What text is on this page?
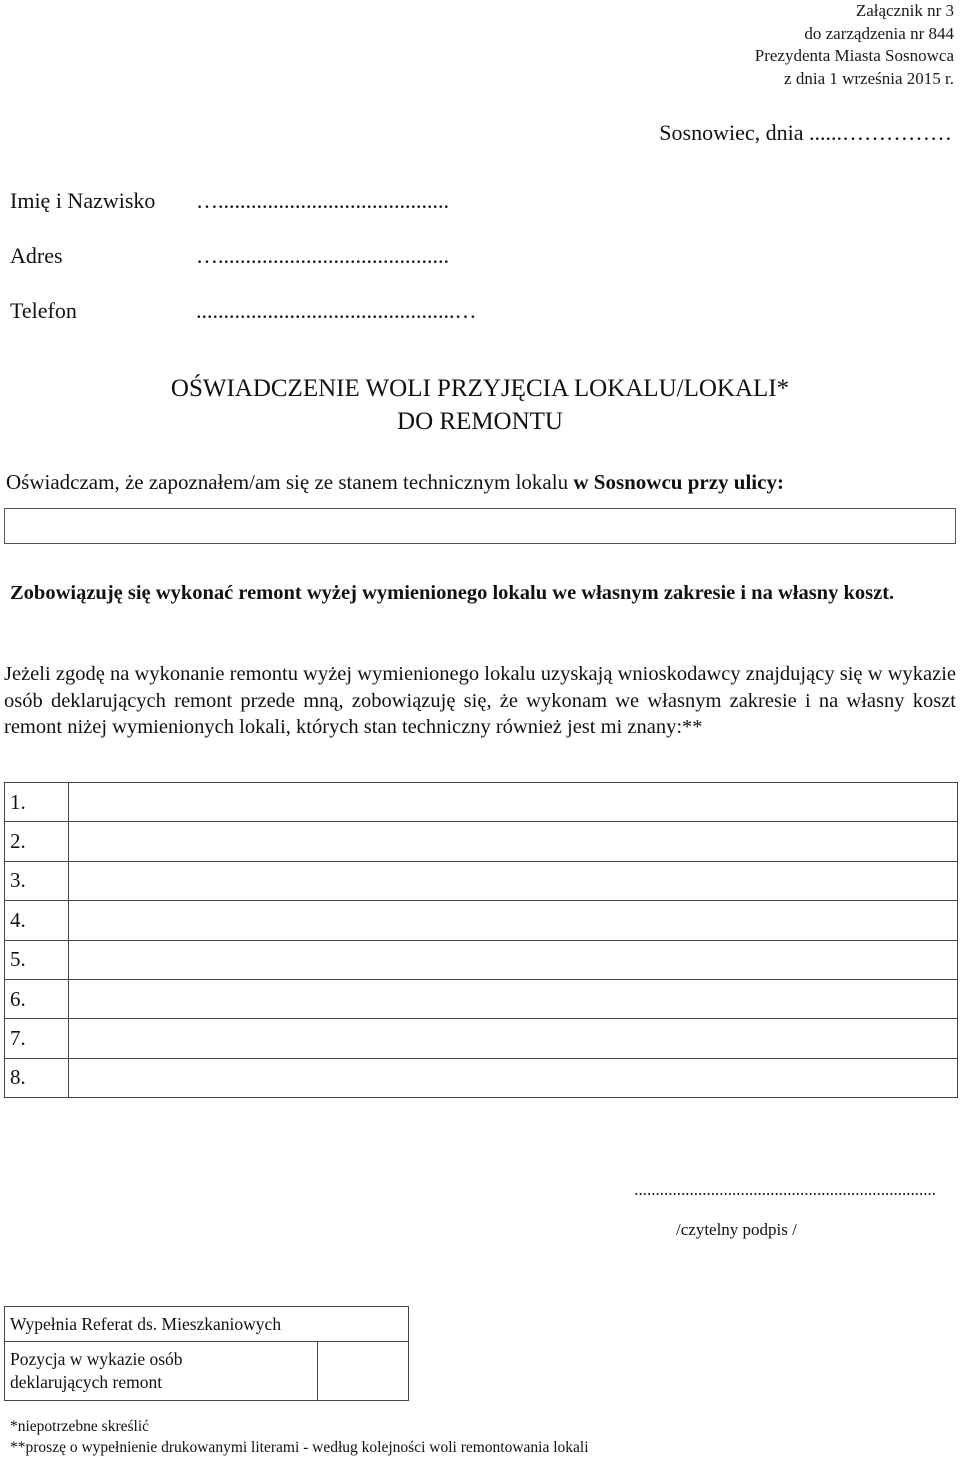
Załącznik nr 3
do zarządzenia nr 844
Prezydenta Miasta Sosnowca
z dnia 1 września 2015 r.
Sosnowiec, dnia ......……………
Imię i Nazwisko …..........................................
Adres	…..........................................
Telefon	...............................................…
OŚWIADCZENIE WOLI PRZYJĘCIA LOKALU/LOKALI*
DO REMONTU
Oświadczam, że zapoznałem/am się ze stanem technicznym lokalu w Sosnowcu przy ulicy:
Zobowiązuję się wykonać remont wyżej wymienionego lokalu we własnym zakresie i na własny koszt.
Jeżeli zgodę na wykonanie remontu wyżej wymienionego lokalu uzyskają wnioskodawcy znajdujący się w wykazie osób deklarujących remont przede mną, zobowiązuję się, że wykonam we własnym zakresie i na własny koszt remont niżej wymienionych lokali, których stan techniczny również jest mi znany:**
1.	
2.	
3.	
4.	
5.	
6.	
7.	
8.	
.......................................................................
/czytelny podpis /
Wypełnia Referat ds. Mieszkaniowych

Pozycja w wykazie osób
deklarujących remont

*niepotrzebne skreślić
**proszę o wypełnienie drukowanymi literami - według kolejności woli remontowania lokali
